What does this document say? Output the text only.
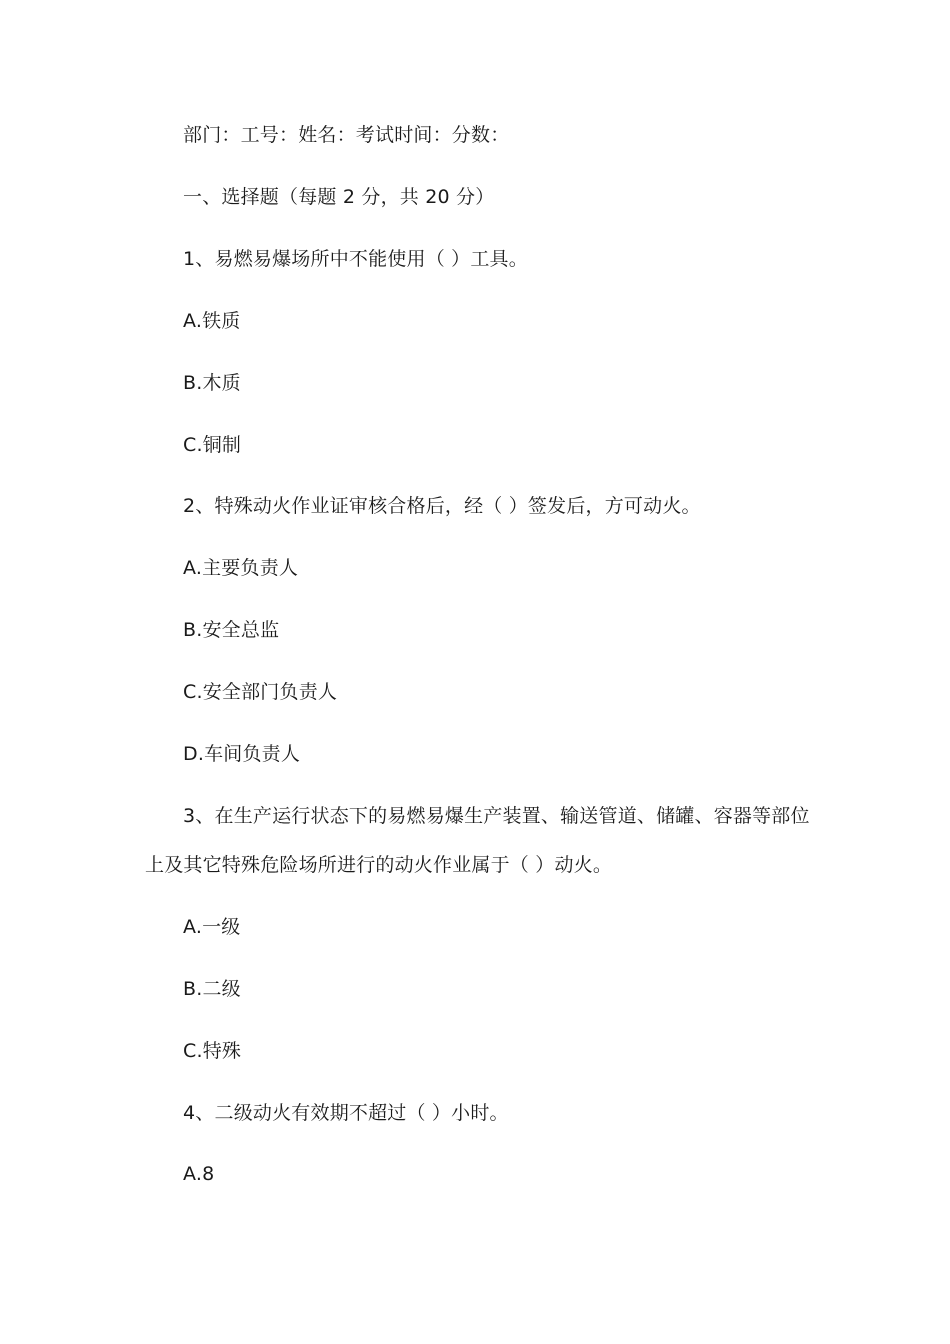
部门：工号：姓名：考试时间：分数：
一、选择题（每题 2 分，共 20 分）
1、易燃易爆场所中不能使用（ ）工具。
A.铁质
B.木质
C.铜制
2、特殊动火作业证审核合格后，经（ ）签发后，方可动火。
A.主要负责人
B.安全总监
C.安全部门负责人
D.车间负责人
3、在生产运行状态下的易燃易爆生产装置、输送管道、储罐、容器等部位
上及其它特殊危险场所进行的动火作业属于（ ）动火。
A.一级
B.二级
C.特殊
4、二级动火有效期不超过（ ）小时。
A.8
